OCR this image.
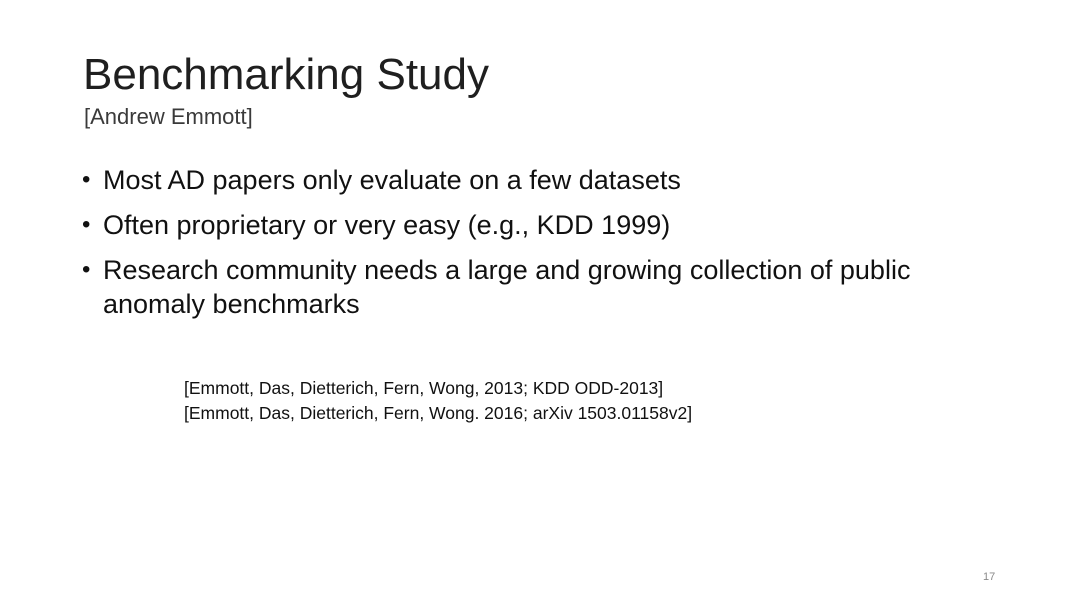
Benchmarking Study
[Andrew Emmott]
• Most AD papers only evaluate on a few datasets
• Often proprietary or very easy (e.g., KDD 1999)
• Research community needs a large and growing collection of public anomaly benchmarks
[Emmott, Das, Dietterich, Fern, Wong, 2013; KDD ODD-2013]
[Emmott, Das, Dietterich, Fern, Wong. 2016; arXiv 1503.01158v2]
17
